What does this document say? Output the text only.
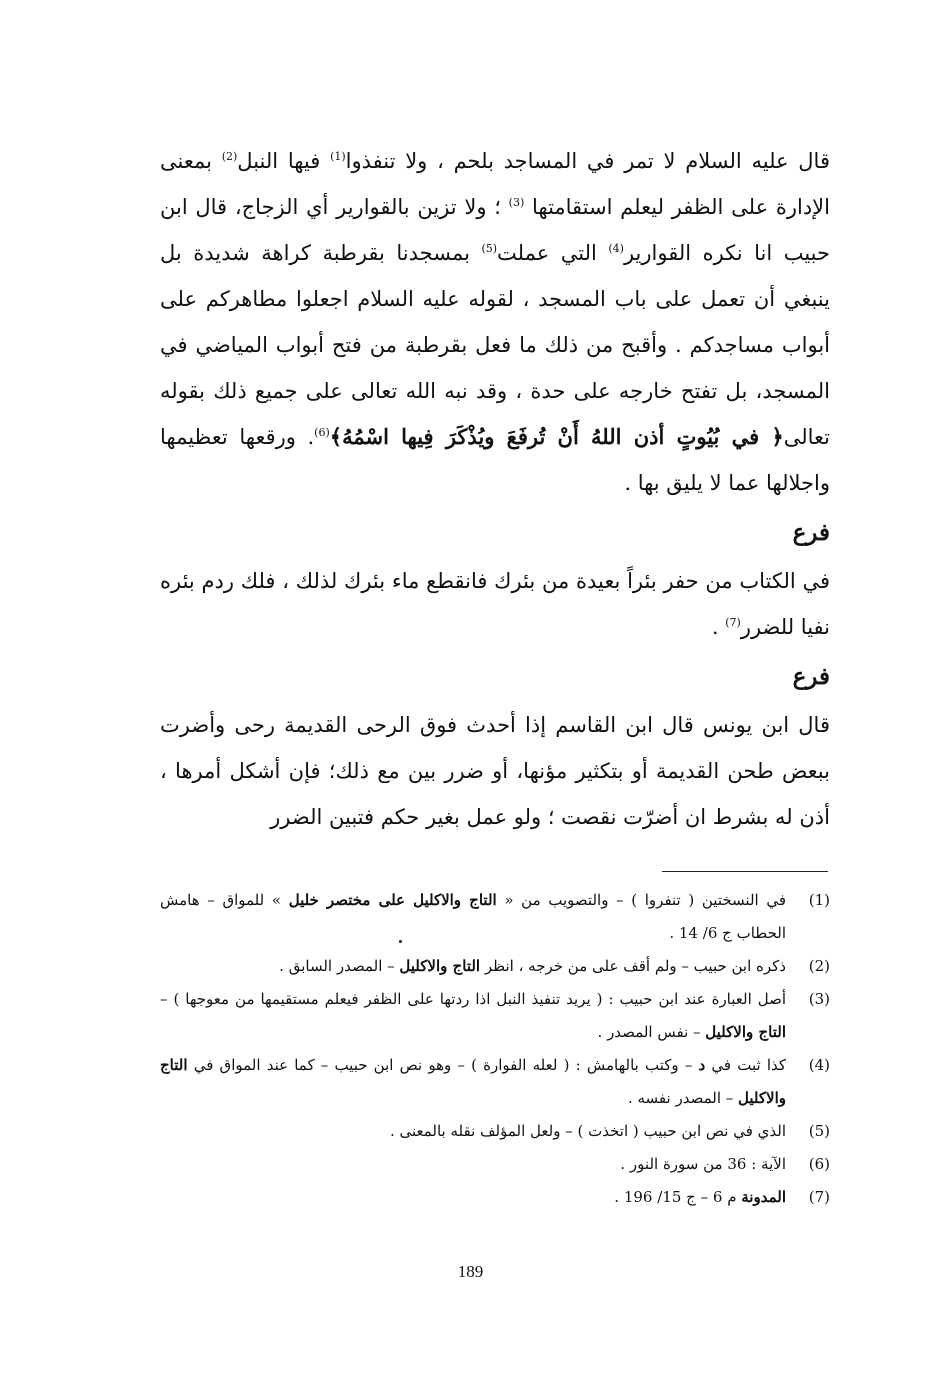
قال عليه السلام لا تمر في المساجد بلحم ، ولا تنفذوا$^{(1)}$ فيها النبل$^{(2)}$ بمعنى الإدارة على الظفر ليعلم استقامتها $^{(3)}$ ؛ ولا تزين بالقوارير أي الزجاج، قال ابن حبيب انا نكره القوارير$^{(4)}$ التي عملت$^{(5)}$ بمسجدنا بقرطبة كراهة شديدة بل ينبغي أن تعمل على باب المسجد ، لقوله عليه السلام اجعلوا مطاهركم على أبواب مساجدكم . وأقبح من ذلك ما فعل بقرطبة من فتح أبواب المياضي في المسجد، بل تفتح خارجه على حدة ، وقد نبه الله تعالى على جميع ذلك بقوله تعالى﴿ في بُيُوتٍ أذن اللهُ أَنْ تُرفَعَ ويُذْكَرَ فِيها اسْمُهُ﴾$^{(6)}$. ورقعها تعظيمها واجلالها عما لا يليق بها .

فرع

في الكتاب من حفر بئراً بعيدة من بئرك فانقطع ماء بئرك لذلك ، فلك ردم بئره نفيا للضرر$^{(7)}$ .

فرع

قال ابن يونس قال ابن القاسم إذا أحدث فوق الرحى القديمة رحى وأضرت ببعض طحن القديمة أو بتكثير مؤنها، أو ضرر بين مع ذلك؛ فإن أشكل أمرها ، أذن له بشرط ان أضرّت نقصت ؛ ولو عمل بغير حكم فتبين الضرر

(1)
في النسختين ( تنفروا ) – والتصويب من « التاج والاكليل على مختصر خليل » للمواق – هامش الحطاب ج 6/ 14 .
(2)
ذكره ابن حبيب – ولم أقف على من خرجه ، انظر التاج والاكليل – المصدر السابق .
(3)
أصل العبارة عند ابن حبيب : ( يريد تنفيذ النبل اذا ردتها على الظفر فيعلم مستقيمها من معوجها ) – التاج والاكليل – نفس المصدر .
(4)
كذا ثبت في د – وكتب بالهامش : ( لعله الفوارة ) – وهو نص ابن حبيب – كما عند المواق في التاج والاكليل – المصدر نفسه .
(5)
الذي في نص ابن حبيب ( اتخذت ) – ولعل المؤلف نقله بالمعنى .
(6)
الآية : 36 من سورة النور .
(7)
المدونة م 6 – ج 15/ 196 .
189
